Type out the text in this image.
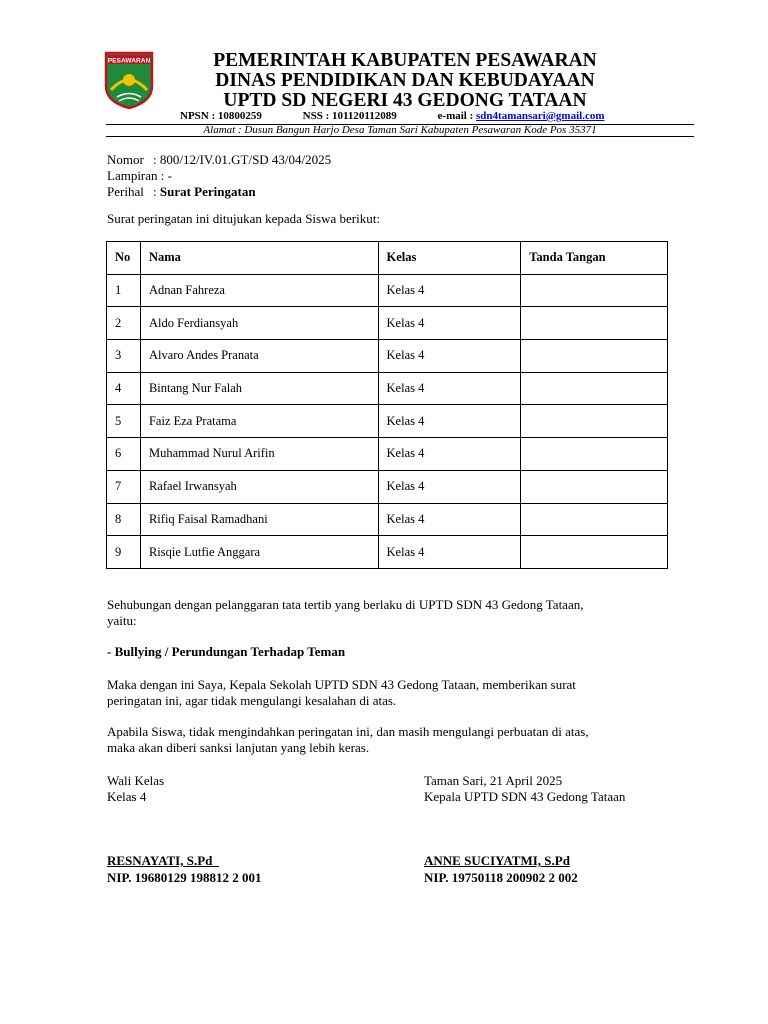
PESAWARAN	PEMERINTAH KABUPATEN PESAWARAN
DINAS PENDIDIKAN DAN KEBUDAYAAN
UPTD SD NEGERI 43 GEDONG TATAAN
NPSN : 10800259	NSS : 101120112089	e-mail : sdn4tamansari@gmail.com
Alamat : Dusun Bangun Harjo Desa Taman Sari Kabupaten Pesawaran Kode Pos 35371
Nomor : 800/12/IV.01.GT/SD 43/04/2025
Lampiran : -
Perihal : Surat Peringatan
Surat peringatan ini ditujukan kepada Siswa berikut:
No	Nama	Kelas	Tanda Tangan
1	Adnan Fahreza	Kelas 4	
2	Aldo Ferdiansyah	Kelas 4	
3	Alvaro Andes Pranata	Kelas 4	
4	Bintang Nur Falah	Kelas 4	
5	Faiz Eza Pratama	Kelas 4	
6	Muhammad Nurul Arifin	Kelas 4	
7	Rafael Irwansyah	Kelas 4	
8	Rifiq Faisal Ramadhani	Kelas 4	
9	Risqie Lutfie Anggara	Kelas 4	
Sehubungan dengan pelanggaran tata tertib yang berlaku di UPTD SDN 43 Gedong Tataan,
yaitu:
- Bullying / Perundungan Terhadap Teman
Maka dengan ini Saya, Kepala Sekolah UPTD SDN 43 Gedong Tataan, memberikan surat
peringatan ini, agar tidak mengulangi kesalahan di atas.
Apabila Siswa, tidak mengindahkan peringatan ini, dan masih mengulangi perbuatan di atas,
maka akan diberi sanksi lanjutan yang lebih keras.
Wali Kelas
Kelas 4
RESNAYATI, S.Pd
NIP. 19680129 198812 2 001
Taman Sari, 21 April 2025
Kepala UPTD SDN 43 Gedong Tataan
ANNE SUCIYATMI, S.Pd
NIP. 19750118 200902 2 002
